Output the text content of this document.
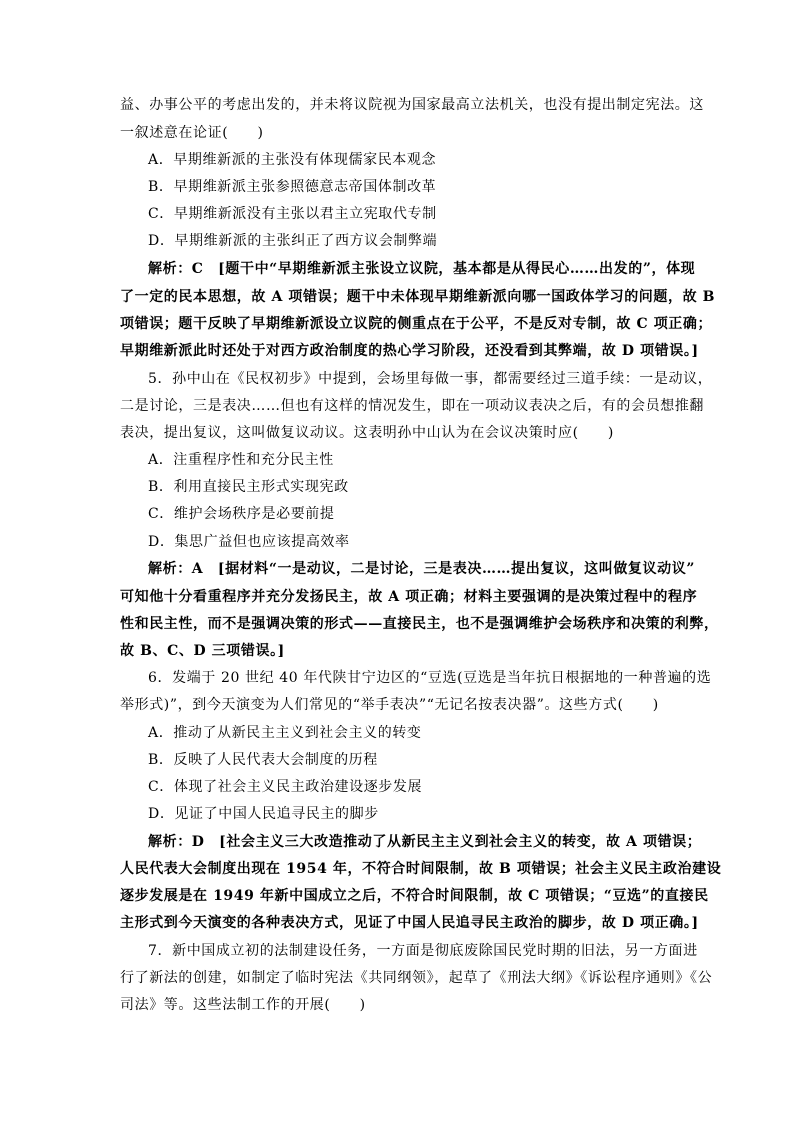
益、办事公平的考虑出发的，并未将议院视为国家最高立法机关，也没有提出制定宪法。这
一叙述意在论证(　　)
A．早期维新派的主张没有体现儒家民本观念
B．早期维新派主张参照德意志帝国体制改革
C．早期维新派没有主张以君主立宪取代专制
D．早期维新派的主张纠正了西方议会制弊端
解析：C　[题干中“早期维新派主张设立议院，基本都是从得民心……出发的”，体现
了一定的民本思想，故 A 项错误；题干中未体现早期维新派向哪一国政体学习的问题，故 B
项错误；题干反映了早期维新派设立议院的侧重点在于公平，不是反对专制，故 C 项正确；
早期维新派此时还处于对西方政治制度的热心学习阶段，还没看到其弊端，故 D 项错误。]
5．孙中山在《民权初步》中提到，会场里每做一事，都需要经过三道手续：一是动议，
二是讨论，三是表决……但也有这样的情况发生，即在一项动议表决之后，有的会员想推翻
表决，提出复议，这叫做复议动议。这表明孙中山认为在会议决策时应(　　)
A．注重程序性和充分民主性
B．利用直接民主形式实现宪政
C．维护会场秩序是必要前提
D．集思广益但也应该提高效率
解析：A　[据材料“一是动议，二是讨论，三是表决……提出复议，这叫做复议动议”
可知他十分看重程序并充分发扬民主，故 A 项正确；材料主要强调的是决策过程中的程序
性和民主性，而不是强调决策的形式——直接民主，也不是强调维护会场秩序和决策的利弊，
故 B、C、D 三项错误。]
6．发端于 20 世纪 40 年代陕甘宁边区的“豆选(豆选是当年抗日根据地的一种普遍的选
举形式)”，到今天演变为人们常见的“举手表决”“无记名按表决器”。这些方式(　　)
A．推动了从新民主主义到社会主义的转变
B．反映了人民代表大会制度的历程
C．体现了社会主义民主政治建设逐步发展
D．见证了中国人民追寻民主的脚步
解析：D　[社会主义三大改造推动了从新民主主义到社会主义的转变，故 A 项错误；
人民代表大会制度出现在 1954 年，不符合时间限制，故 B 项错误；社会主义民主政治建设
逐步发展是在 1949 年新中国成立之后，不符合时间限制，故 C 项错误；“豆选”的直接民
主形式到今天演变的各种表决方式，见证了中国人民追寻民主政治的脚步，故 D 项正确。]
7．新中国成立初的法制建设任务，一方面是彻底废除国民党时期的旧法，另一方面进
行了新法的创建，如制定了临时宪法《共同纲领》，起草了《刑法大纲》《诉讼程序通则》《公
司法》等。这些法制工作的开展(　　)
